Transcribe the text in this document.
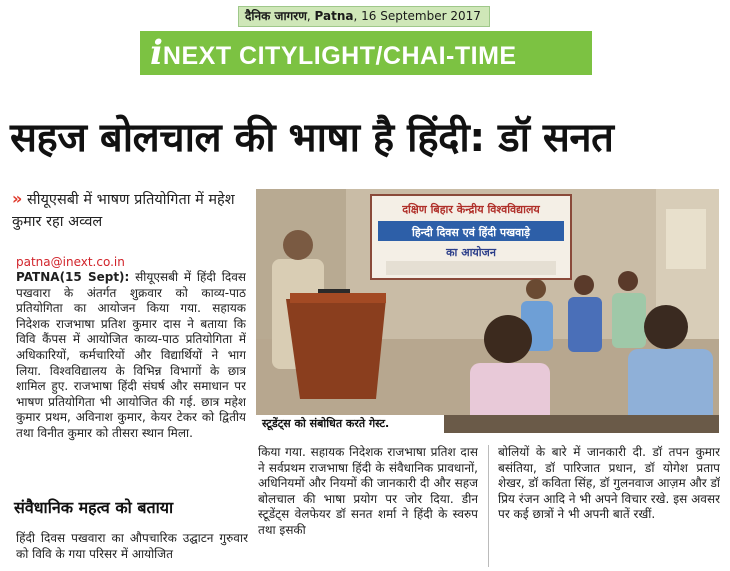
दैनिक जागरण, Patna, 16 September 2017
iNEXT CITYLIGHT/CHAI-TIME
सहज बोलचाल की भाषा है हिंदी: डॉ सनत
» सीयूएसबी में भाषण प्रतियोगिता में महेश कुमार रहा अव्वल
patna@inext.co.in
PATNA(15 Sept): सीयूएसबी में हिंदी दिवस पखवारा के अंतर्गत शुक्रवार को काव्य-पाठ प्रतियोगिता का आयोजन किया गया. सहायक निदेशक राजभाषा प्रतिश कुमार दास ने बताया कि विवि कैंपस में आयोजित काव्य-पाठ प्रतियोगिता में अधिकारियों, कर्मचारियों और विद्यार्थियों ने भाग लिया. विश्वविद्यालय के विभिन्न विभागों के छात्र शामिल हुए. राजभाषा हिंदी संघर्ष और समाधान पर भाषण प्रतियोगिता भी आयोजित की गई. छात्र महेश कुमार प्रथम, अविनाश कुमार, केयर टेकर को द्वितीय तथा विनीत कुमार को तीसरा स्थान मिला.
संवैधानिक महत्व को बताया
हिंदी दिवस पखवारा का औपचारिक उद्घाटन गुरुवार को विवि के गया परिसर में आयोजित
दक्षिण बिहार केन्द्रीय विश्वविद्यालय
हिन्दी दिवस एवं हिंदी पखवाड़े
का आयोजन
स्टूडेंट्स को संबोधित करते गेस्ट.
किया गया. सहायक निदेशक राजभाषा प्रतिश दास ने सर्वप्रथम राजभाषा हिंदी के संवैधानिक प्रावधानों, अधिनियमों और नियमों की जानकारी दी और सहज बोलचाल की भाषा प्रयोग पर जोर दिया. डीन स्टूडेंट्स वेलफेयर डॉ सनत शर्मा ने हिंदी के स्वरुप तथा इसकी
बोलियों के बारे में जानकारी दी. डॉ तपन कुमार बसंतिया, डॉ पारिजात प्रधान, डॉ योगेश प्रताप शेखर, डॉ कविता सिंह, डॉ गुलनवाज आज़म और डॉ प्रिय रंजन आदि ने भी अपने विचार रखे. इस अवसर पर कई छात्रों ने भी अपनी बातें रखीं.
